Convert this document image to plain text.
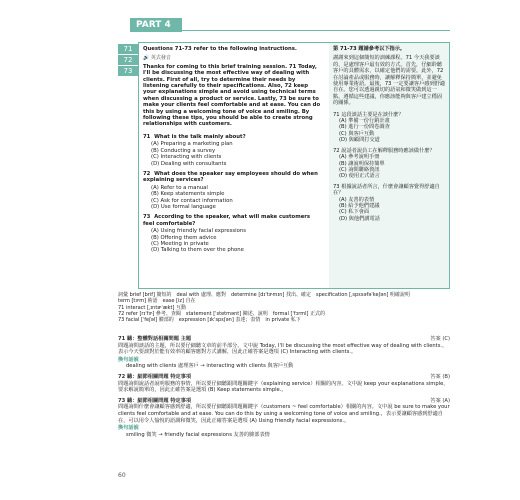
PART 4
71
72
73
Questions 71-73 refer to the following instructions.
🔊 英式發音
Thanks for coming to this brief training session. 71 Today, I'll be discussing the most effective way of dealing with clients. First of all, try to determine their needs by listening carefully to their specifications. Also, 72 keep your explanations simple and avoid using technical terms when discussing a product or service. Lastly, 73 be sure to make your clients feel comfortable and at ease. You can do this by using a welcoming tone of voice and smiling. By following these tips, you should be able to create strong relationships with customers.
71 What is the talk mainly about?
(A) Preparing a marketing plan
(B) Conducting a survey
(C) Interacting with clients
(D) Dealing with consultants
72 What does the speaker say employees should do when explaining services?
(A) Refer to a manual
(B) Keep statements simple
(C) Ask for contact information
(D) Use formal language
73 According to the speaker, what will make customers feel comfortable?
(A) Using friendly facial expressions
(B) Offering them advice
(C) Meeting in private
(D) Talking to them over the phone
第 71-73 題請參考以下指示。
謝謝來到這個簡短的訓練課程。71 今天我要談的，是處理客戶最有效的方式。首先，仔細聆聽客戶的具體需求，以確定他們的需要。此外，72 在討論產品或服務時，讓解釋保持簡單，並避免使用專業術語。最後，73 一定要讓客戶感到舒適自在。您可以透過親切的語氣和微笑做到這一點。遵循這些建議，你應該能夠與客戶建立穩固的關係。
71 這段談話主要是在談什麼？
(A) 準備一份行銷計畫
(B) 進行一份問卷調查
(C) 與客戶互動
(D) 與顧問打交道
72 說話者說員工在解釋服務時應該做什麼？
(A) 參考說明手冊
(B) 讓說明保持簡單
(C) 詢問聯絡資訊
(D) 使用正式語言
73 根據說話者所言，什麼會讓顧客覺得舒適自在？
(A) 友善的表情
(B) 給予他們建議
(C) 私下會面
(D) 與他們講電話
詞彙 brief [brif] 簡短的　deal with 處理、應對　determine [dɪˈtɝmɪn] 找出、確定　specification [ˌspɛsəfəˈkeʃən] 明確說明
term [tɝm] 術語　ease [iz] 自在
71 interact [ˌɪntɚˈækt] 互動
72 refer [rɪˈfɝ] 參考、查閱　statement [ˈstetmənt] 陳述、說明　formal [ˈfɔrml] 正式的
73 facial [ˈfeʃəl] 臉部的　expression [ɪkˈspɛʃən] 表達；表情　in private 私下
71 聽：整體對話相關問題 主題	答案 (C)
問題詢問談話的主題，所以要仔細聽文章的前半部分。文中說 Today, I'll be discussing the most effective way of dealing with clients.，表示今天要談對於能有效率的顧客應對方式講解，因此正確答案是選項 (C) Interacting with clients.。
換句話說
dealing with clients 處理客戶 → interacting with clients 與客戶互動
72 聽：細節相關問題 特定事項	答案 (B)
問題詢問說話者說明服務的事情，所以要仔細聽跟問題關鍵字（explaining service）相關的內容。文中說 keep your explanations simple，要求解說簡單的，因此正確答案是選項 (B) Keep statements simple.。
73 聽：細節相關問題 特定事項	答案 (A)
問題詢問什麼會讓顧客感到舒適，所以要仔細聽跟問題關鍵字（customers ~ feel comfortable）相關的內容。文中說 be sure to make your clients feel comfortable and at ease. You can do this by using a welcoming tone of voice and smiling.，表示要讓顧客感到舒適自在，可以用令人愉悅的語調和微笑，因此正確答案是選項 (A) Using friendly facial expressions.。
換句話說
smiling 微笑 → friendly facial expressions 友善的臉部表情
60
